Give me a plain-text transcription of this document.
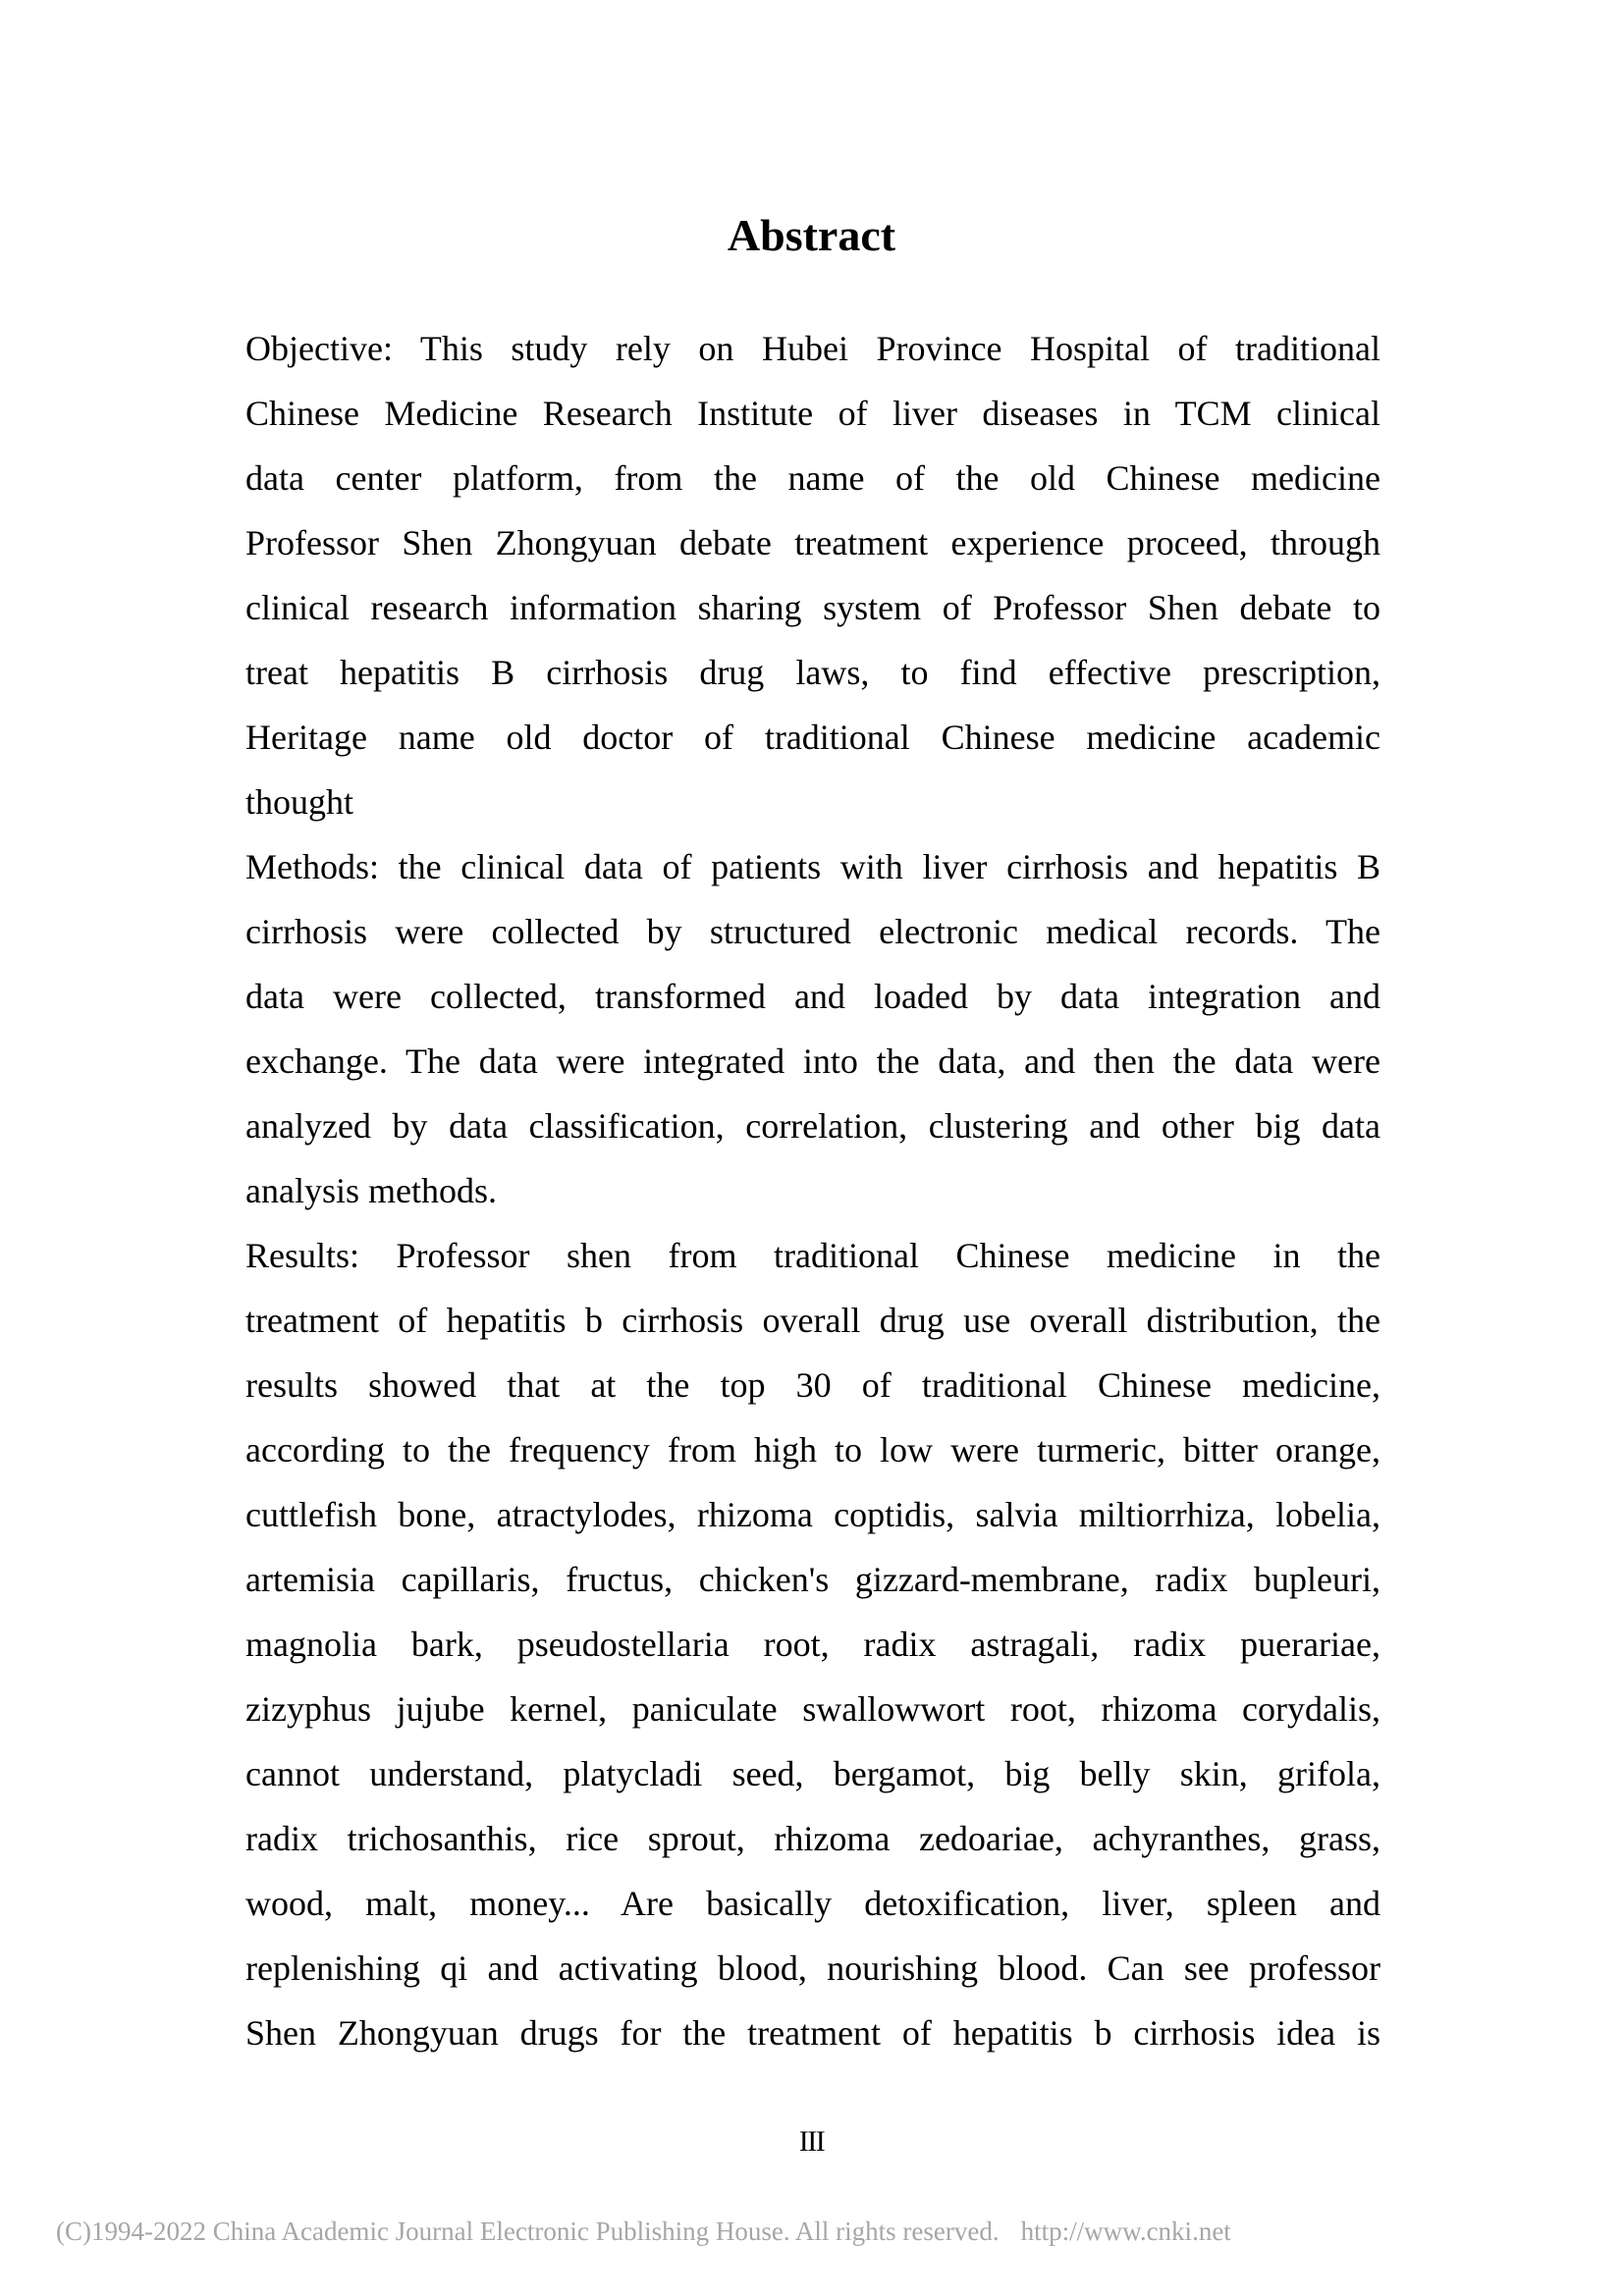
Abstract
Objective: This study rely on Hubei Province Hospital of traditional
Chinese Medicine Research Institute of liver diseases in TCM clinical
data center platform, from the name of the old Chinese medicine
Professor Shen Zhongyuan debate treatment experience proceed, through
clinical research information sharing system of Professor Shen debate to
treat hepatitis B cirrhosis drug laws, to find effective prescription,
Heritage name old doctor of traditional Chinese medicine academic
thought
Methods: the clinical data of patients with liver cirrhosis and hepatitis B
cirrhosis were collected by structured electronic medical records. The
data were collected, transformed and loaded by data integration and
exchange. The data were integrated into the data, and then the data were
analyzed by data classification, correlation, clustering and other big data
analysis methods.
Results: Professor shen from traditional Chinese medicine in the
treatment of hepatitis b cirrhosis overall drug use overall distribution, the
results showed that at the top 30 of traditional Chinese medicine,
according to the frequency from high to low were turmeric, bitter orange,
cuttlefish bone, atractylodes, rhizoma coptidis, salvia miltiorrhiza, lobelia,
artemisia capillaris, fructus, chicken's gizzard-membrane, radix bupleuri,
magnolia bark, pseudostellaria root, radix astragali, radix puerariae,
zizyphus jujube kernel, paniculate swallowwort root, rhizoma corydalis,
cannot understand, platycladi seed, bergamot, big belly skin, grifola,
radix trichosanthis, rice sprout, rhizoma zedoariae, achyranthes, grass,
wood, malt, money... Are basically detoxification, liver, spleen and
replenishing qi and activating blood, nourishing blood. Can see professor
Shen Zhongyuan drugs for the treatment of hepatitis b cirrhosis idea is
III
(C)1994-2022 China Academic Journal Electronic Publishing House. All rights reserved. http://www.cnki.net
